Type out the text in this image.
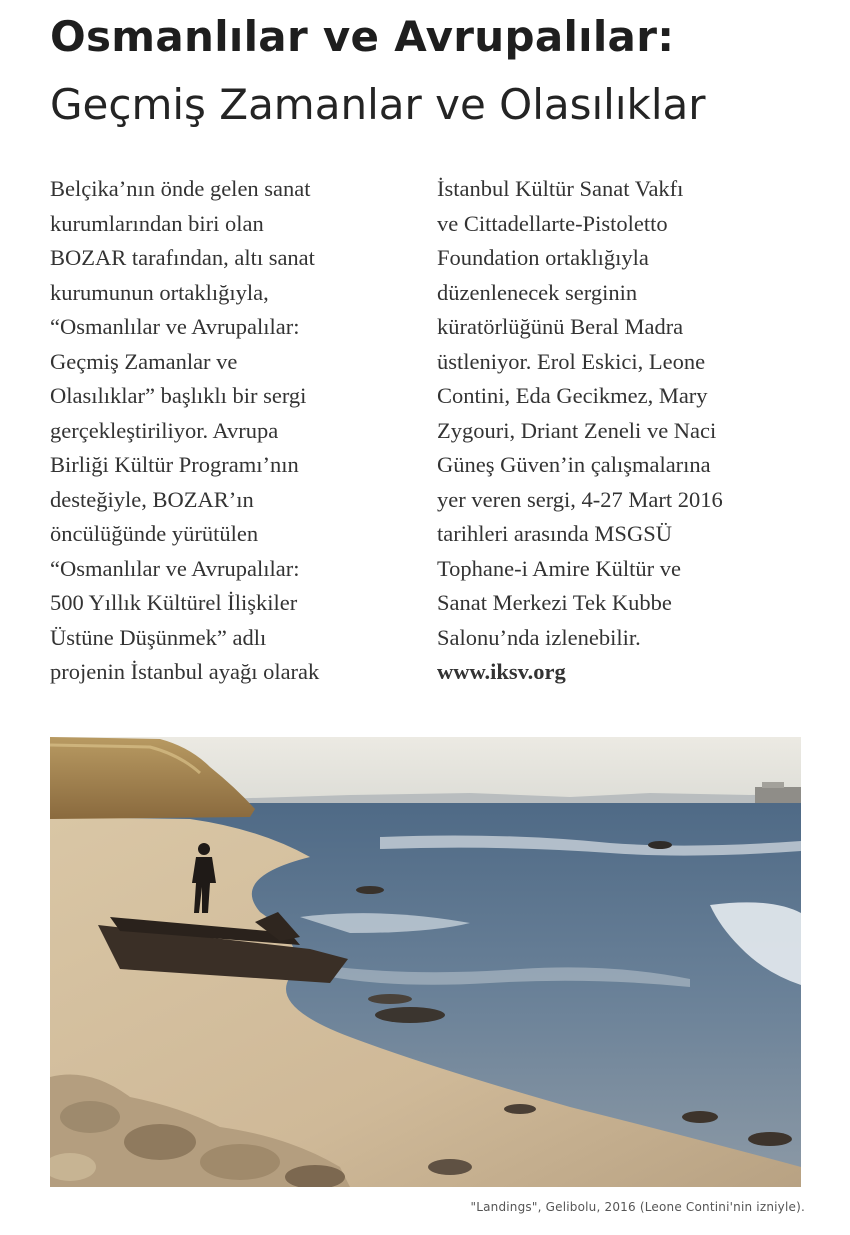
Osmanlılar ve Avrupalılar:
Geçmiş Zamanlar ve Olasılıklar
Belçika’nın önde gelen sanat
kurumlarından biri olan
BOZAR tarafından, altı sanat
kurumunun ortaklığıyla,
“Osmanlılar ve Avrupalılar:
Geçmiş Zamanlar ve
Olasılıklar” başlıklı bir sergi
gerçekleştiriliyor. Avrupa
Birliği Kültür Programı’nın
desteğiyle, BOZAR’ın
öncülüğünde yürütülen
“Osmanlılar ve Avrupalılar:
500 Yıllık Kültürel İlişkiler
Üstüne Düşünmek” adlı
projenin İstanbul ayağı olarak
İstanbul Kültür Sanat Vakfı
ve Cittadellarte-Pistoletto
Foundation ortaklığıyla
düzenlenecek serginin
küratörlüğünü Beral Madra
üstleniyor. Erol Eskici, Leone
Contini, Eda Gecikmez, Mary
Zygouri, Driant Zeneli ve Naci
Güneş Güven’in çalışmalarına
yer veren sergi, 4-27 Mart 2016
tarihleri arasında MSGSÜ
Tophane-i Amire Kültür ve
Sanat Merkezi Tek Kubbe
Salonu’nda izlenebilir.
www.iksv.org
"Landings", Gelibolu, 2016 (Leone Contini'nin izniyle).
